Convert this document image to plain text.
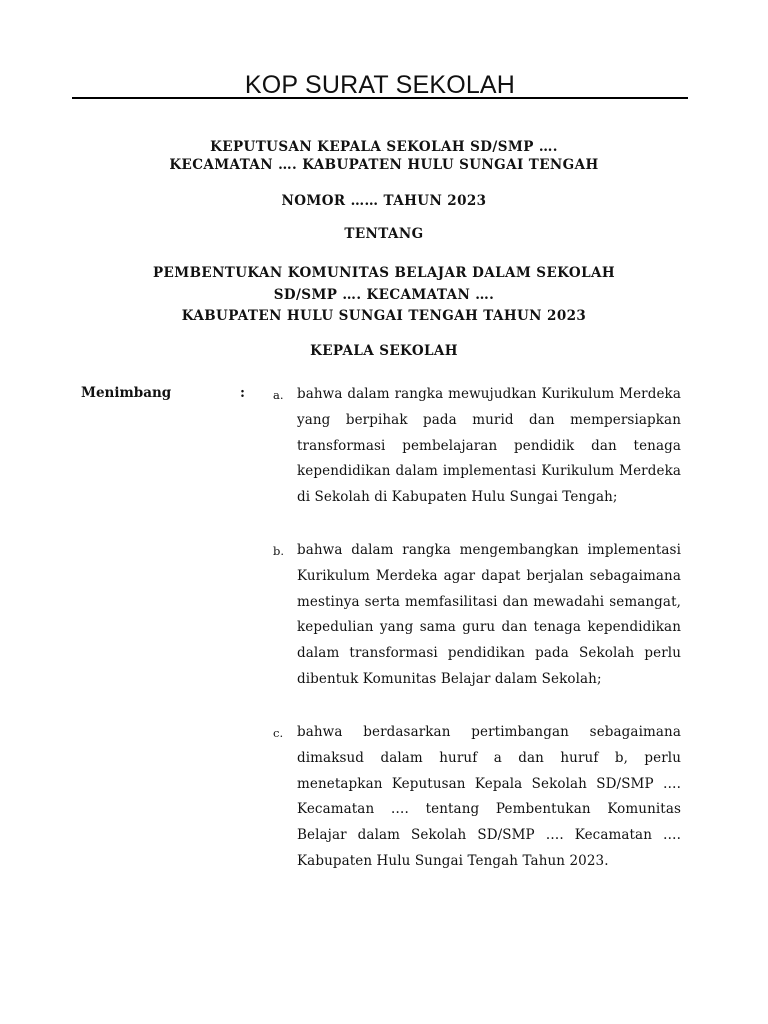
KOP SURAT SEKOLAH
KEPUTUSAN KEPALA SEKOLAH SD/SMP ….
KECAMATAN …. KABUPATEN HULU SUNGAI TENGAH
NOMOR …… TAHUN 2023
TENTANG
PEMBENTUKAN KOMUNITAS BELAJAR DALAM SEKOLAH
SD/SMP …. KECAMATAN ….
KABUPATEN HULU SUNGAI TENGAH TAHUN 2023
KEPALA SEKOLAH
Menimbang	: a. bahwa dalam rangka mewujudkan Kurikulum Merdeka yang berpihak pada murid dan mempersiapkan transformasi pembelajaran pendidik dan tenaga kependidikan dalam implementasi Kurikulum Merdeka di Sekolah di Kabupaten Hulu Sungai Tengah;
b. bahwa dalam rangka mengembangkan implementasi Kurikulum Merdeka agar dapat berjalan sebagaimana mestinya serta memfasilitasi dan mewadahi semangat, kepedulian yang sama guru dan tenaga kependidikan dalam transformasi pendidikan pada Sekolah perlu dibentuk Komunitas Belajar dalam Sekolah;
c. bahwa berdasarkan pertimbangan sebagaimana dimaksud dalam huruf a dan huruf b, perlu menetapkan Keputusan Kepala Sekolah SD/SMP …. Kecamatan …. tentang Pembentukan Komunitas Belajar dalam Sekolah SD/SMP …. Kecamatan …. Kabupaten Hulu Sungai Tengah Tahun 2023.
